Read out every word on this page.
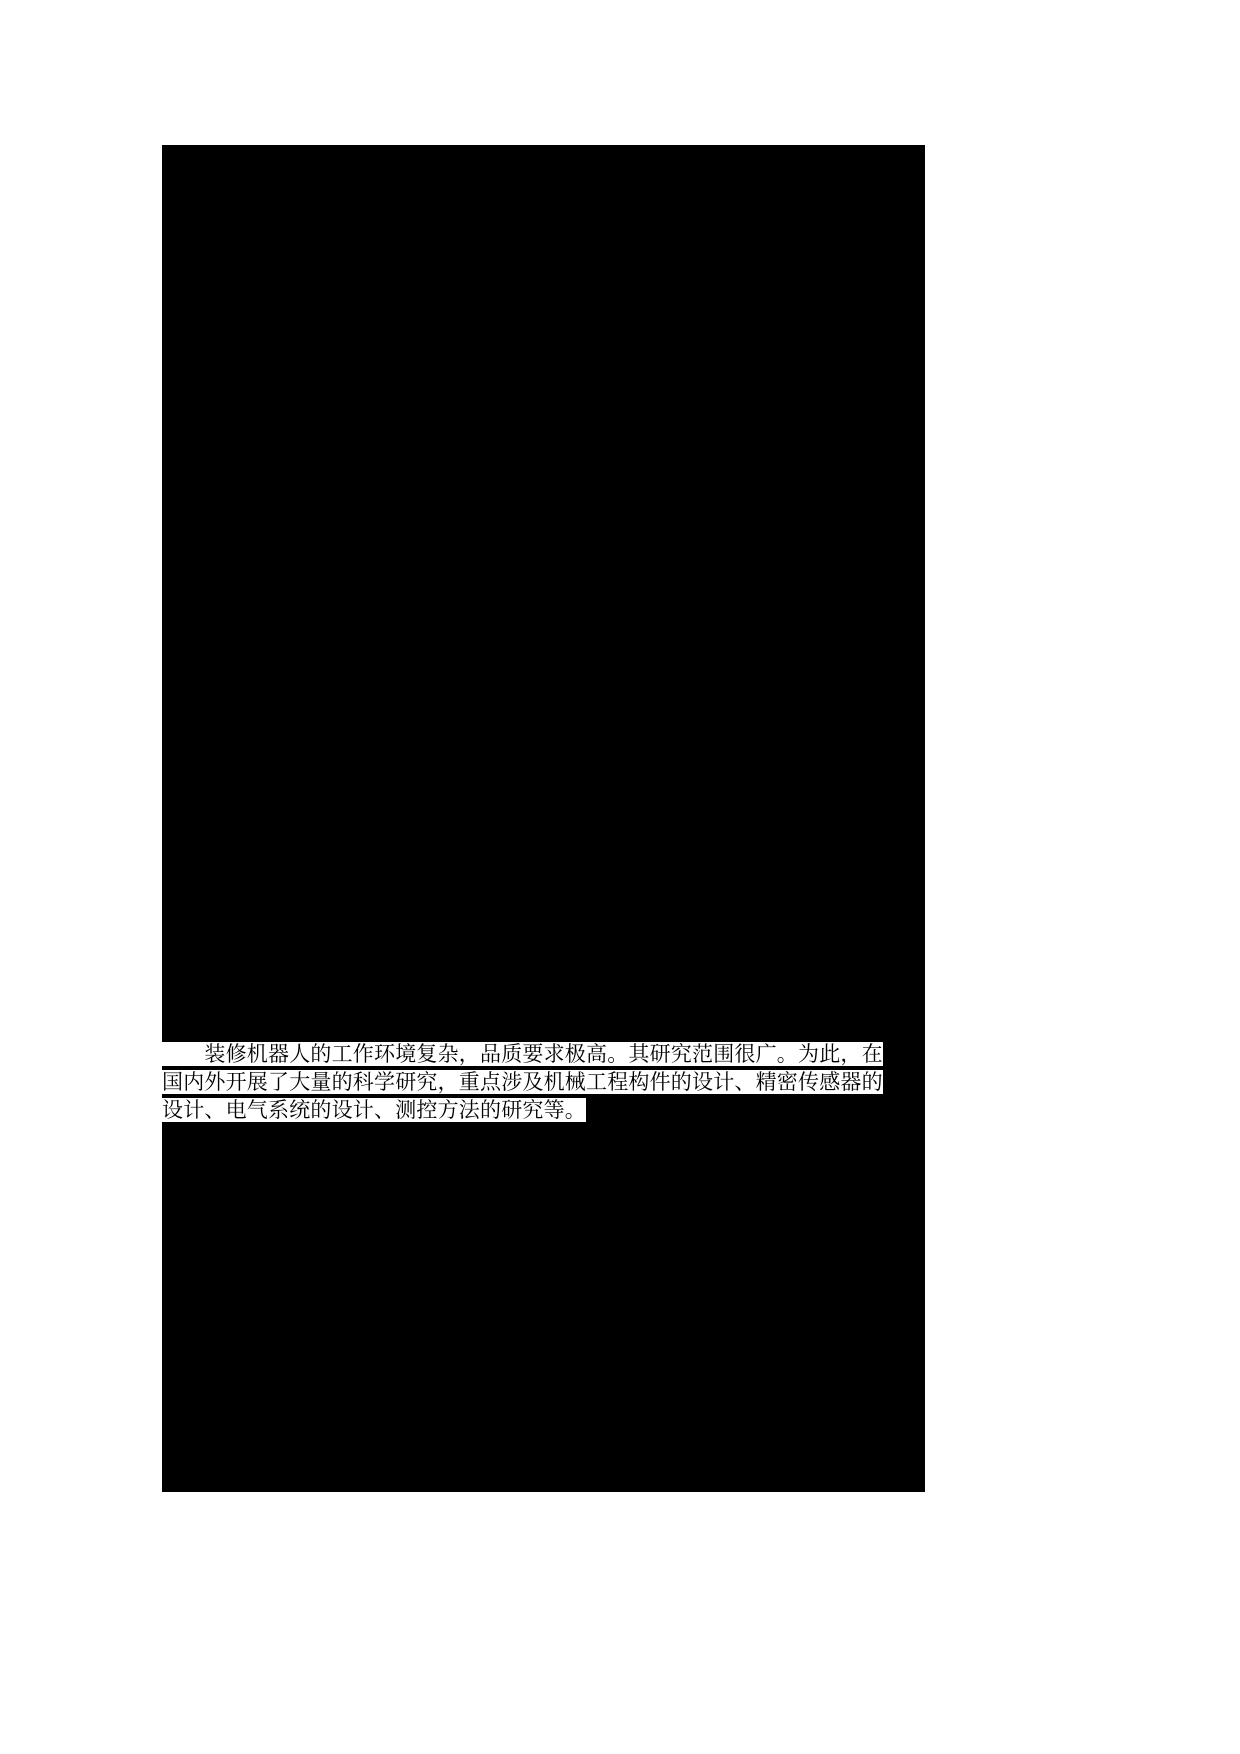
　　装修机器人的工作环境复杂，品质要求极高。其研究范围很广。为此，在
国内外开展了大量的科学研究，重点涉及机械工程构件的设计、精密传感器的
设计、电气系统的设计、测控方法的研究等。
